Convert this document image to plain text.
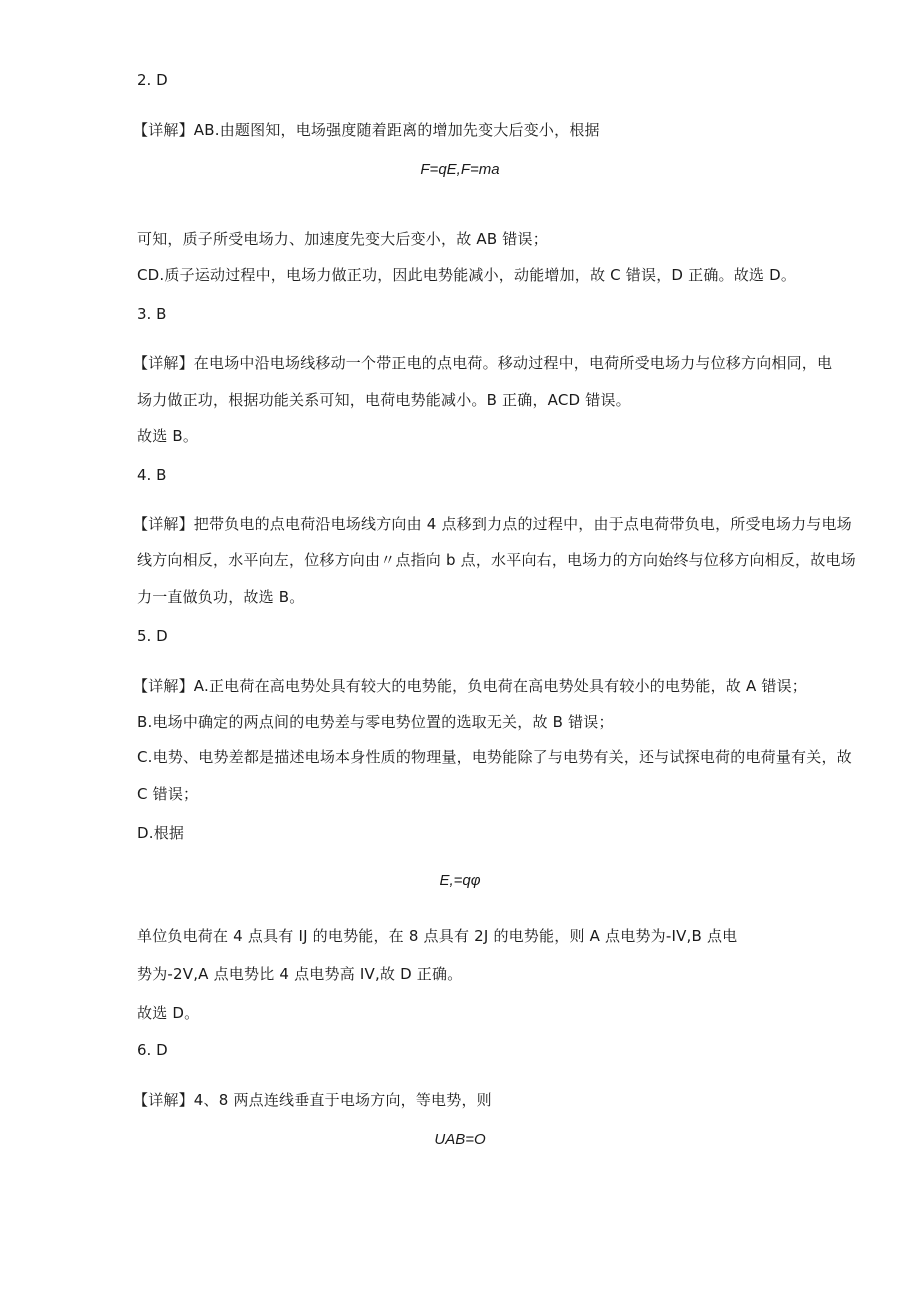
2. D
【详解】AB.由题图知，电场强度随着距离的增加先变大后变小，根据
F=qE,F=ma
可知，质子所受电场力、加速度先变大后变小，故 AB 错误；
CD.质子运动过程中，电场力做正功，因此电势能减小，动能增加，故 C 错误，D 正确。故选 D。
3. B
【详解】在电场中沿电场线移动一个带正电的点电荷。移动过程中，电荷所受电场力与位移方向相同，电
场力做正功，根据功能关系可知，电荷电势能减小。B 正确，ACD 错误。
故选 B。
4. B
【详解】把带负电的点电荷沿电场线方向由 4 点移到力点的过程中，由于点电荷带负电，所受电场力与电场
线方向相反，水平向左，位移方向由〃点指向 b 点，水平向右，电场力的方向始终与位移方向相反，故电场
力一直做负功，故选 B。
5. D
【详解】A.正电荷在高电势处具有较大的电势能，负电荷在高电势处具有较小的电势能，故 A 错误；
B.电场中确定的两点间的电势差与零电势位置的选取无关，故 B 错误；
C.电势、电势差都是描述电场本身性质的物理量，电势能除了与电势有关，还与试探电荷的电荷量有关，故
C 错误；
D.根据
E,=qφ
单位负电荷在 4 点具有 IJ 的电势能，在 8 点具有 2J 的电势能，则 A 点电势为-IV,B 点电
势为-2V,A 点电势比 4 点电势高 IV,故 D 正确。
故选 D。
6. D
【详解】4、8 两点连线垂直于电场方向，等电势，则
UAB=O
